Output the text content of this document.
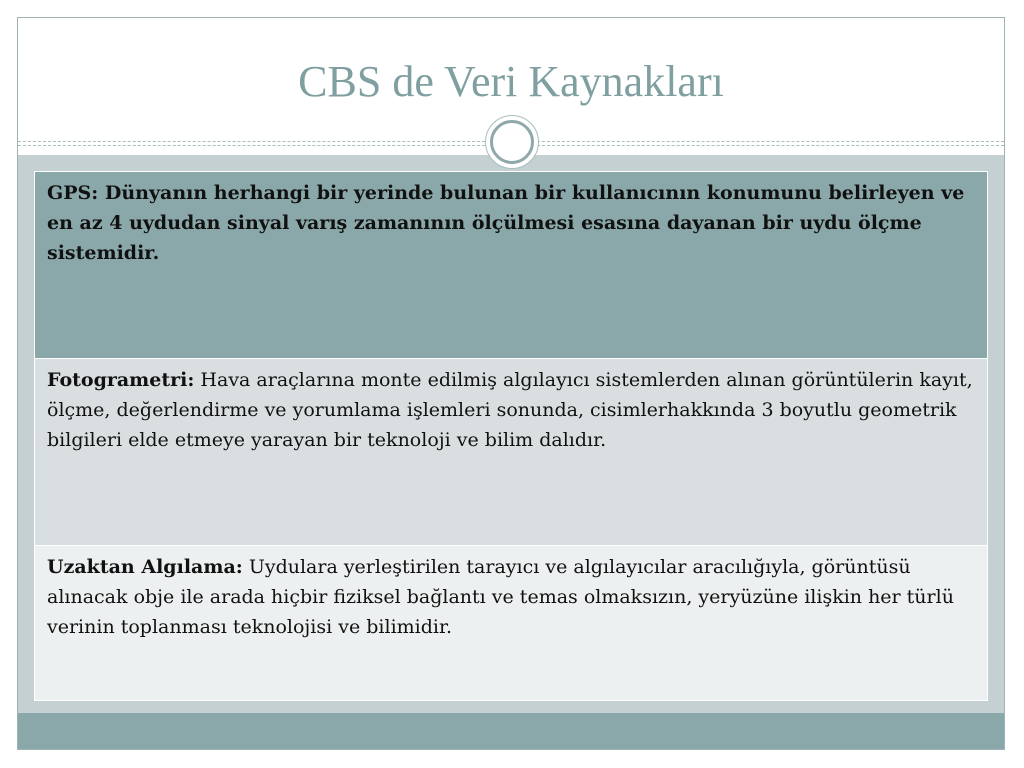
CBS de Veri Kaynakları
GPS: Dünyanın herhangi bir yerinde bulunan bir kullanıcının konumunu belirleyen ve en az 4 uydudan sinyal varış zamanının ölçülmesi esasına dayanan bir uydu ölçme sistemidir.
Fotogrametri: Hava araçlarına monte edilmiş algılayıcı sistemlerden alınan görüntülerin kayıt, ölçme, değerlendirme ve yorumlama işlemleri sonunda, cisimlerhakkında 3 boyutlu geometrik bilgileri elde etmeye yarayan bir teknoloji ve bilim dalıdır.
Uzaktan Algılama: Uydulara yerleştirilen tarayıcı ve algılayıcılar aracılığıyla, görüntüsü alınacak obje ile arada hiçbir fiziksel bağlantı ve temas olmaksızın, yeryüzüne ilişkin her türlü verinin toplanması teknolojisi ve bilimidir.
